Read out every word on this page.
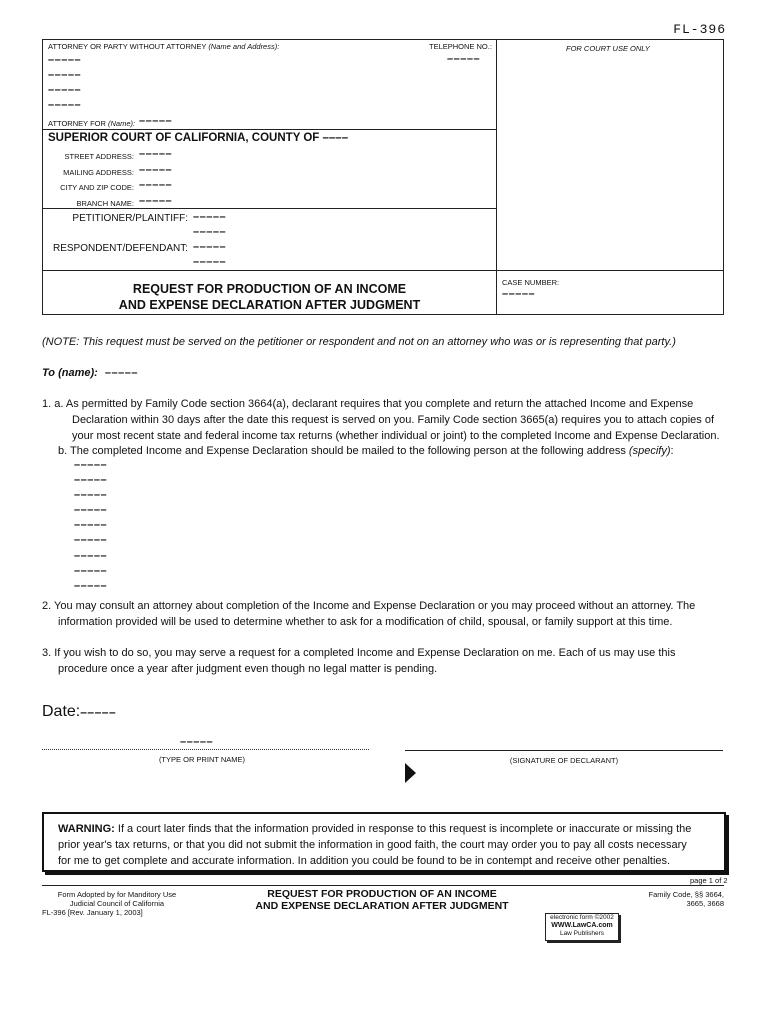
FL-396
ATTORNEY OR PARTY WITHOUT ATTORNEY (Name and Address):	TELEPHONE NO.:
–––––
FOR COURT USE ONLY
–––––
–––––
–––––
–––––
ATTORNEY FOR (Name): –––––
SUPERIOR COURT OF CALIFORNIA, COUNTY OF ––––
STREET ADDRESS: –––––
MAILING ADDRESS: –––––
CITY AND ZIP CODE: –––––
BRANCH NAME: –––––
PETITIONER/PLAINTIFF: –––––
–––––
RESPONDENT/DEFENDANT: –––––
–––––
REQUEST FOR PRODUCTION OF AN INCOME
AND EXPENSE DECLARATION AFTER JUDGMENT
CASE NUMBER:
–––––
(NOTE: This request must be served on the petitioner or respondent and not on an attorney who was or is representing that party.)
To (name): –––––
1. a. As permitted by Family Code section 3664(a), declarant requires that you complete and return the attached Income and Expense
Declaration within 30 days after the date this request is served on you. Family Code section 3665(a) requires you to attach copies of
your most recent state and federal income tax returns (whether individual or joint) to the completed Income and Expense Declaration.
b. The completed Income and Expense Declaration should be mailed to the following person at the following address (specify):
–––––
–––––
–––––
–––––
–––––
–––––
–––––
–––––
–––––
2. You may consult an attorney about completion of the Income and Expense Declaration or you may proceed without an attorney. The
information provided will be used to determine whether to ask for a modification of child, spousal, or family support at this time.
3. If you wish to do so, you may serve a request for a completed Income and Expense Declaration on me. Each of us may use this
procedure once a year after judgment even though no legal matter is pending.
Date:–––––
–––––
(TYPE OR PRINT NAME)	(SIGNATURE OF DECLARANT)
WARNING: If a court later finds that the information provided in response to this request is incomplete or inaccurate or missing the
prior year's tax returns, or that you did not submit the information in good faith, the court may order you to pay all costs necessary
for me to get complete and accurate information. In addition you could be found to be in contempt and receive other penalties.
page 1 of 2
Form Adopted by for Manditory Use
Judicial Council of California
FL-396 [Rev. January 1, 2003]
REQUEST FOR PRODUCTION OF AN INCOME
AND EXPENSE DECLARATION AFTER JUDGMENT
Family Code, §§ 3664,
3665, 3668
electronic form ©2002
WWW.LawCA.com
Law Publishers
